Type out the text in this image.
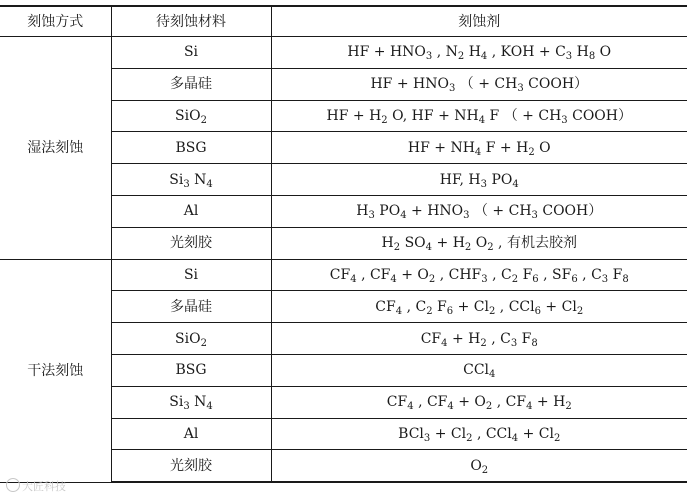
刻蚀方式	待刻蚀材料	刻蚀剂
湿法刻蚀	Si	HF + $HNO_3$ , $N_2$ $H_4$ , KOH + $C_3$ $H_8$ O
	多晶硅	HF + $HNO_3$ （ + $CH_3$ COOH）
	SiO$_2$	HF + $H_2$ O, HF + $NH_4$ F （ + $CH_3$ COOH）
	BSG	HF + $NH_4$ $F + H_2$ O
	$Si_3$ $N_4$	HF, $H_3$ $PO_4$
	Al	$H_3$ $PO_4 + HNO_3$ （ + $CH_3$ COOH）
	光刻胶	$H_2$ $SO_4 + H_2$ $O_2$ , 有机去胶剂
干法刻蚀	Si	$CF_4$ , $CF_4 + O_2$ , $CHF_3$ , $C_2$ $F_6$ , $SF_6$ , $C_3$ $F_8$
	多晶硅	$CF_4$ , $C_2$ $F_6 + Cl_2$ , $CCl_6 + Cl_2$
	SiO$_2$	$CF_4 + H_2$ , $C_3$ $F_8$
	BSG	CCl$_4$
	$Si_3$ $N_4$	$CF_4$ , $CF_4 + O_2$ , $CF_4 + H_2$
	Al	$BCl_3 + Cl_2$ , $CCl_4 + Cl_2$
	光刻胶	$O_2$
大匠科技
